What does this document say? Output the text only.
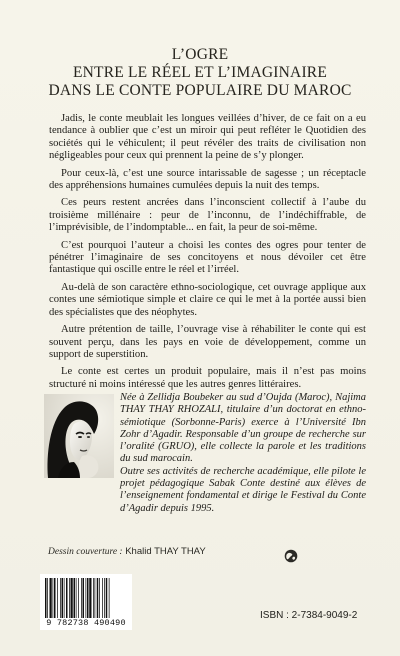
L’OGRE
ENTRE LE RÉEL ET L’IMAGINAIRE
DANS LE CONTE POPULAIRE DU MAROC

Jadis, le conte meublait les longues veillées d’hiver, de ce fait on a eu tendance à oublier que c’est un miroir qui peut refléter le Quotidien des sociétés qui le véhiculent; il peut révéler des traits de civilisation non négligeables pour ceux qui prennent la peine de s’y plonger.

Pour ceux-là, c’est une source intarissable de sagesse ; un réceptacle des appréhensions humaines cumulées depuis la nuit des temps.

Ces peurs restent ancrées dans l’inconscient collectif à l’aube du troisième millénaire : peur de l’inconnu, de l’indéchiffrable, de l’imprévisible, de l’indomptable... en fait, la peur de soi-même.

C’est pourquoi l’auteur a choisi les contes des ogres pour tenter de pénétrer l’imaginaire de ses concitoyens et nous dévoiler cet être fantastique qui oscille entre le réel et l’irréel.

Au-delà de son caractère ethno-sociologique, cet ouvrage applique aux contes une sémiotique simple et claire ce qui le met à la portée aussi bien des spécialistes que des néophytes.

Autre prétention de taille, l’ouvrage vise à réhabiliter le conte qui est souvent perçu, dans les pays en voie de développement, comme un support de superstition.

Le conte est certes un produit populaire, mais il n’est pas moins structuré ni moins intéressé que les autres genres littéraires.

Née à Zellidja Boubeker au sud d’Oujda (Maroc), Najima THAY THAY RHOZALI, titulaire d’un doctorat en ethno-sémiotique (Sorbonne-Paris) exerce à l’Université Ibn Zohr d’Agadir. Responsable d’un groupe de recherche sur l’oralité (GRUO), elle collecte la parole et les traditions du sud marocain.

Outre ses activités de recherche académique, elle pilote le projet pédagogique Sabak Conte destiné aux élèves de l’enseignement fondamental et dirige le Festival du Conte d’Agadir depuis 1995.

Dessin couverture : Khalid THAY THAY
9 782738 490490
ISBN : 2-7384-9049-2
